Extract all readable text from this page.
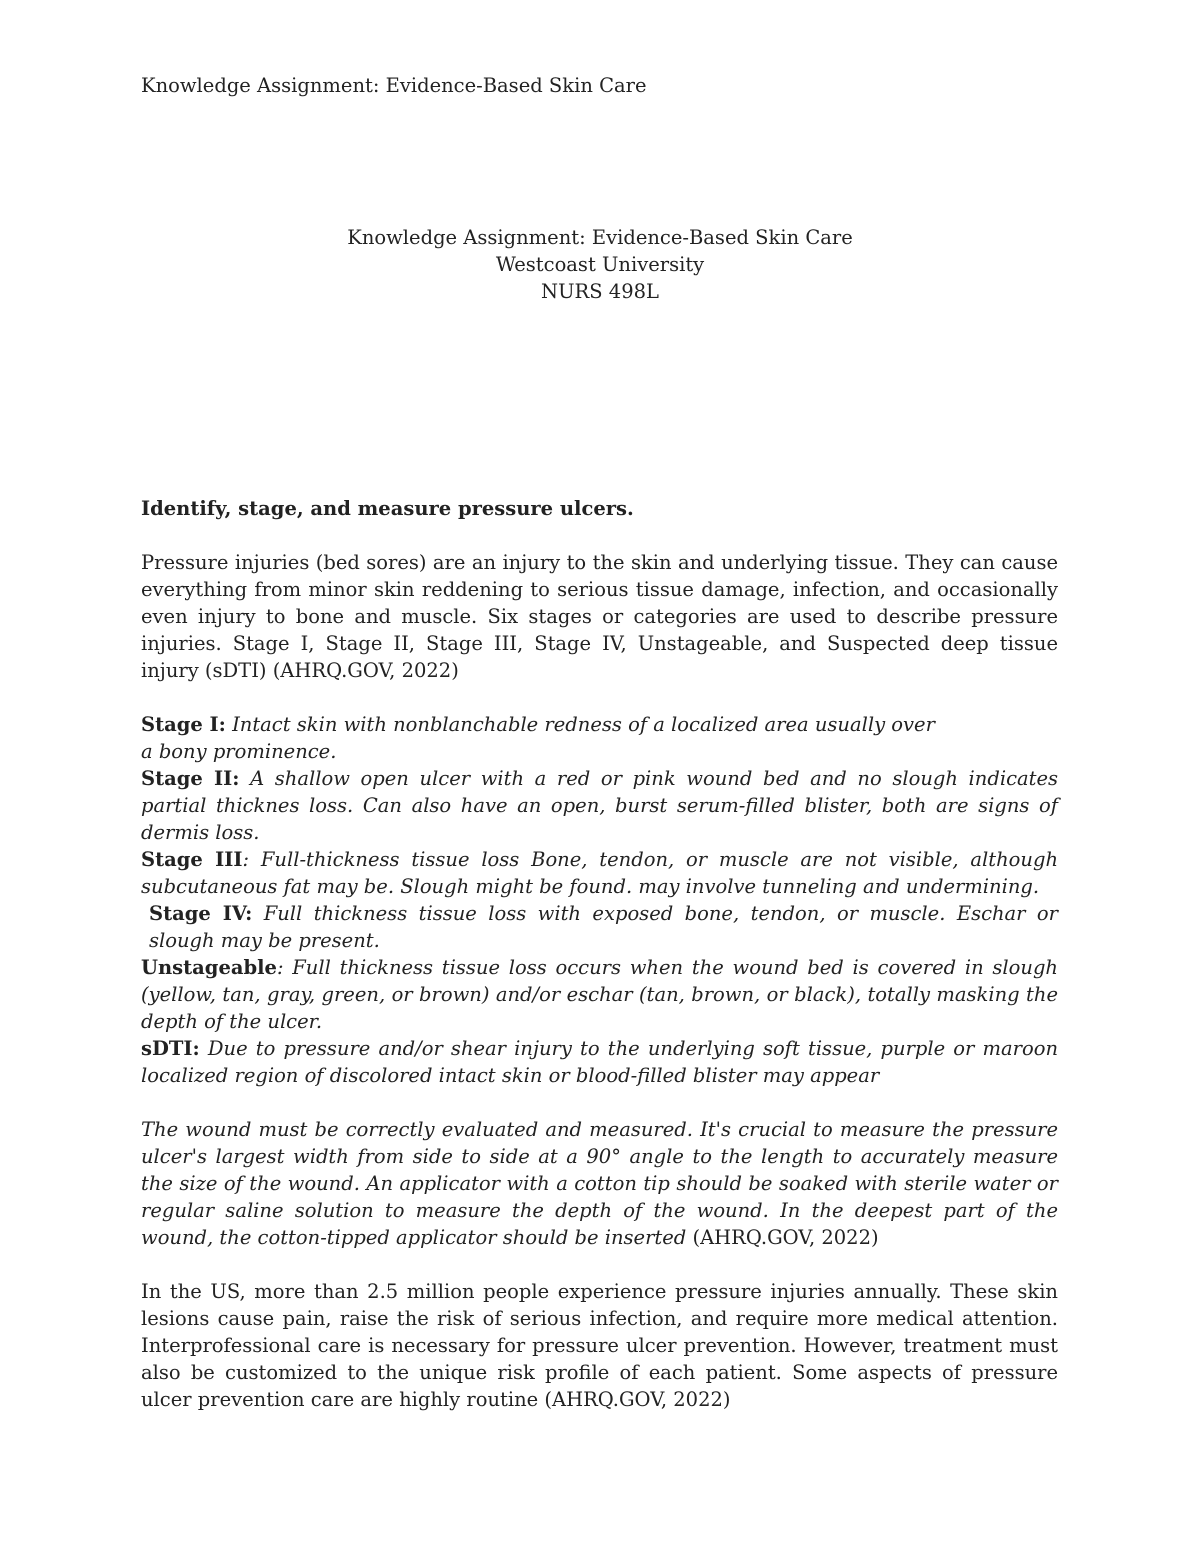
Knowledge Assignment: Evidence-Based Skin Care
Knowledge Assignment: Evidence-Based Skin Care
Westcoast University
NURS 498L
Identify, stage, and measure pressure ulcers.
Pressure injuries (bed sores) are an injury to the skin and underlying tissue. They can cause everything from minor skin reddening to serious tissue damage, infection, and occasionally even injury to bone and muscle. Six stages or categories are used to describe pressure injuries. Stage I, Stage II, Stage III, Stage IV, Unstageable, and Suspected deep tissue injury (sDTI) (AHRQ.GOV, 2022)
Stage I: Intact skin with nonblanchable redness of a localized area usually over
a bony prominence.
Stage II: A shallow open ulcer with a red or pink wound bed and no slough indicates partial thicknes loss. Can also have an open, burst serum-filled blister, both are signs of dermis loss.
Stage III: Full-thickness tissue loss Bone, tendon, or muscle are not visible, although subcutaneous fat may be. Slough might be found. may involve tunneling and undermining.
Stage IV: Full thickness tissue loss with exposed bone, tendon, or muscle. Eschar or slough may be present.
Unstageable: Full thickness tissue loss occurs when the wound bed is covered in slough (yellow, tan, gray, green, or brown) and/or eschar (tan, brown, or black), totally masking the depth of the ulcer.
sDTI: Due to pressure and/or shear injury to the underlying soft tissue, purple or maroon localized region of discolored intact skin or blood-filled blister may appear
The wound must be correctly evaluated and measured. It's crucial to measure the pressure ulcer's largest width from side to side at a 90° angle to the length to accurately measure the size of the wound. An applicator with a cotton tip should be soaked with sterile water or regular saline solution to measure the depth of the wound. In the deepest part of the wound, the cotton-tipped applicator should be inserted (AHRQ.GOV, 2022)
In the US, more than 2.5 million people experience pressure injuries annually. These skin lesions cause pain, raise the risk of serious infection, and require more medical attention. Interprofessional care is necessary for pressure ulcer prevention. However, treatment must also be customized to the unique risk profile of each patient. Some aspects of pressure ulcer prevention care are highly routine (AHRQ.GOV, 2022)
